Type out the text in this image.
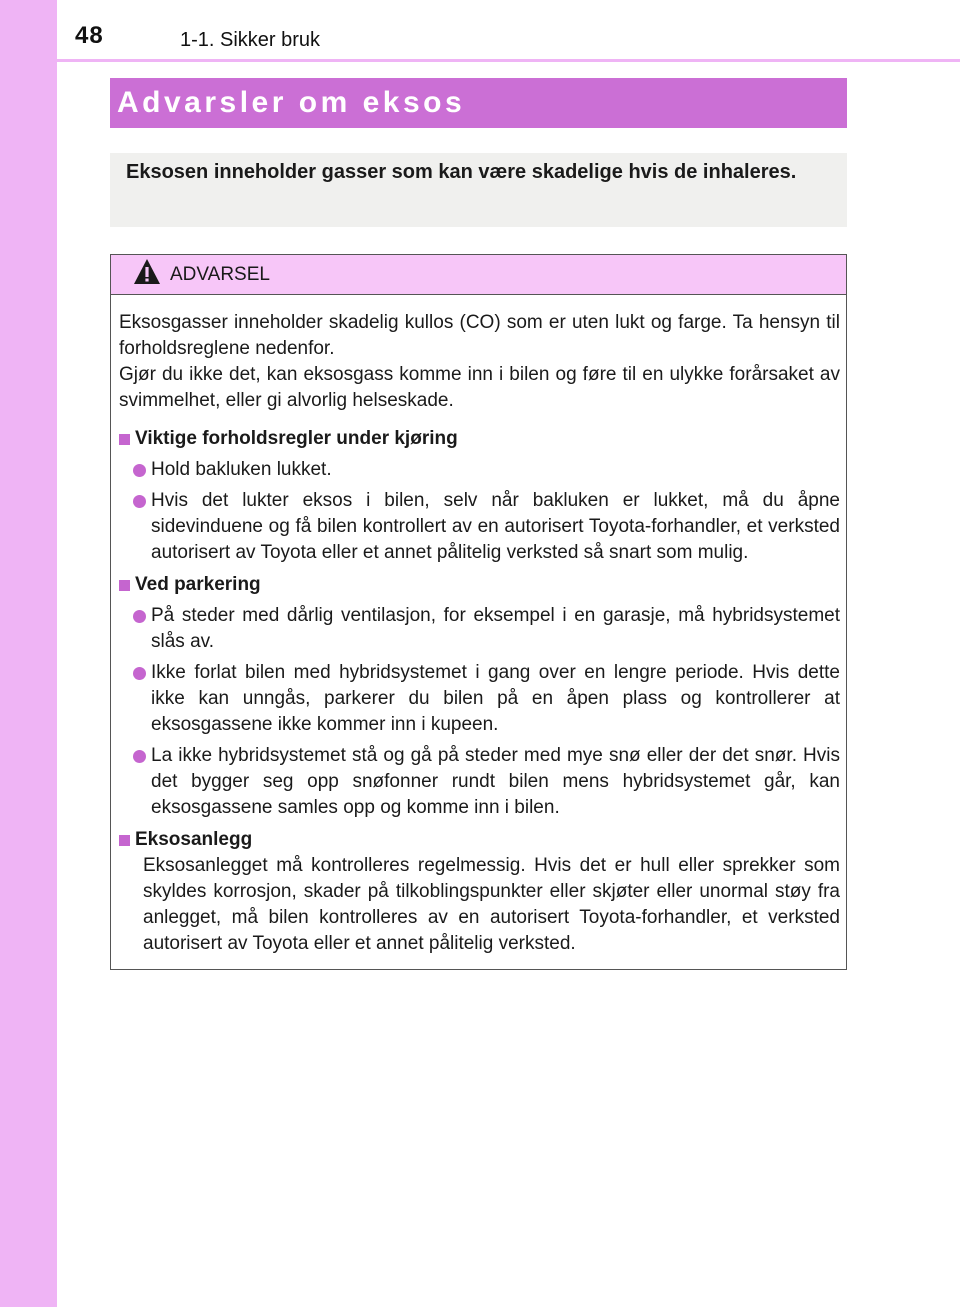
48	1-1. Sikker bruk
Advarsler om eksos

Eksosen inneholder gasser som kan være skadelige hvis de inhaleres.

ADVARSEL

Eksosgasser inneholder skadelig kullos (CO) som er uten lukt og farge. Ta hensyn til forholdsreglene nedenfor.

Gjør du ikke det, kan eksosgass komme inn i bilen og føre til en ulykke forårsaket av svimmelhet, eller gi alvorlig helseskade.

Viktige forholdsregler under kjøring
Hold bakluken lukket.
Hvis det lukter eksos i bilen, selv når bakluken er lukket, må du åpne sidevinduene og få bilen kontrollert av en autorisert Toyota-forhandler, et verksted autorisert av Toyota eller et annet pålitelig verksted så snart som mulig.
Ved parkering
På steder med dårlig ventilasjon, for eksempel i en garasje, må hybridsystemet slås av.
Ikke forlat bilen med hybridsystemet i gang over en lengre periode. Hvis dette ikke kan unngås, parkerer du bilen på en åpen plass og kontrollerer at eksosgassene ikke kommer inn i kupeen.
La ikke hybridsystemet stå og gå på steder med mye snø eller der det snør. Hvis det bygger seg opp snøfonner rundt bilen mens hybridsystemet går, kan eksosgassene samles opp og komme inn i bilen.
Eksosanlegg

Eksosanlegget må kontrolleres regelmessig. Hvis det er hull eller sprekker som skyldes korrosjon, skader på tilkoblingspunkter eller skjøter eller unormal støy fra anlegget, må bilen kontrolleres av en autorisert Toyota-forhandler, et verksted autorisert av Toyota eller et annet pålitelig verksted.
